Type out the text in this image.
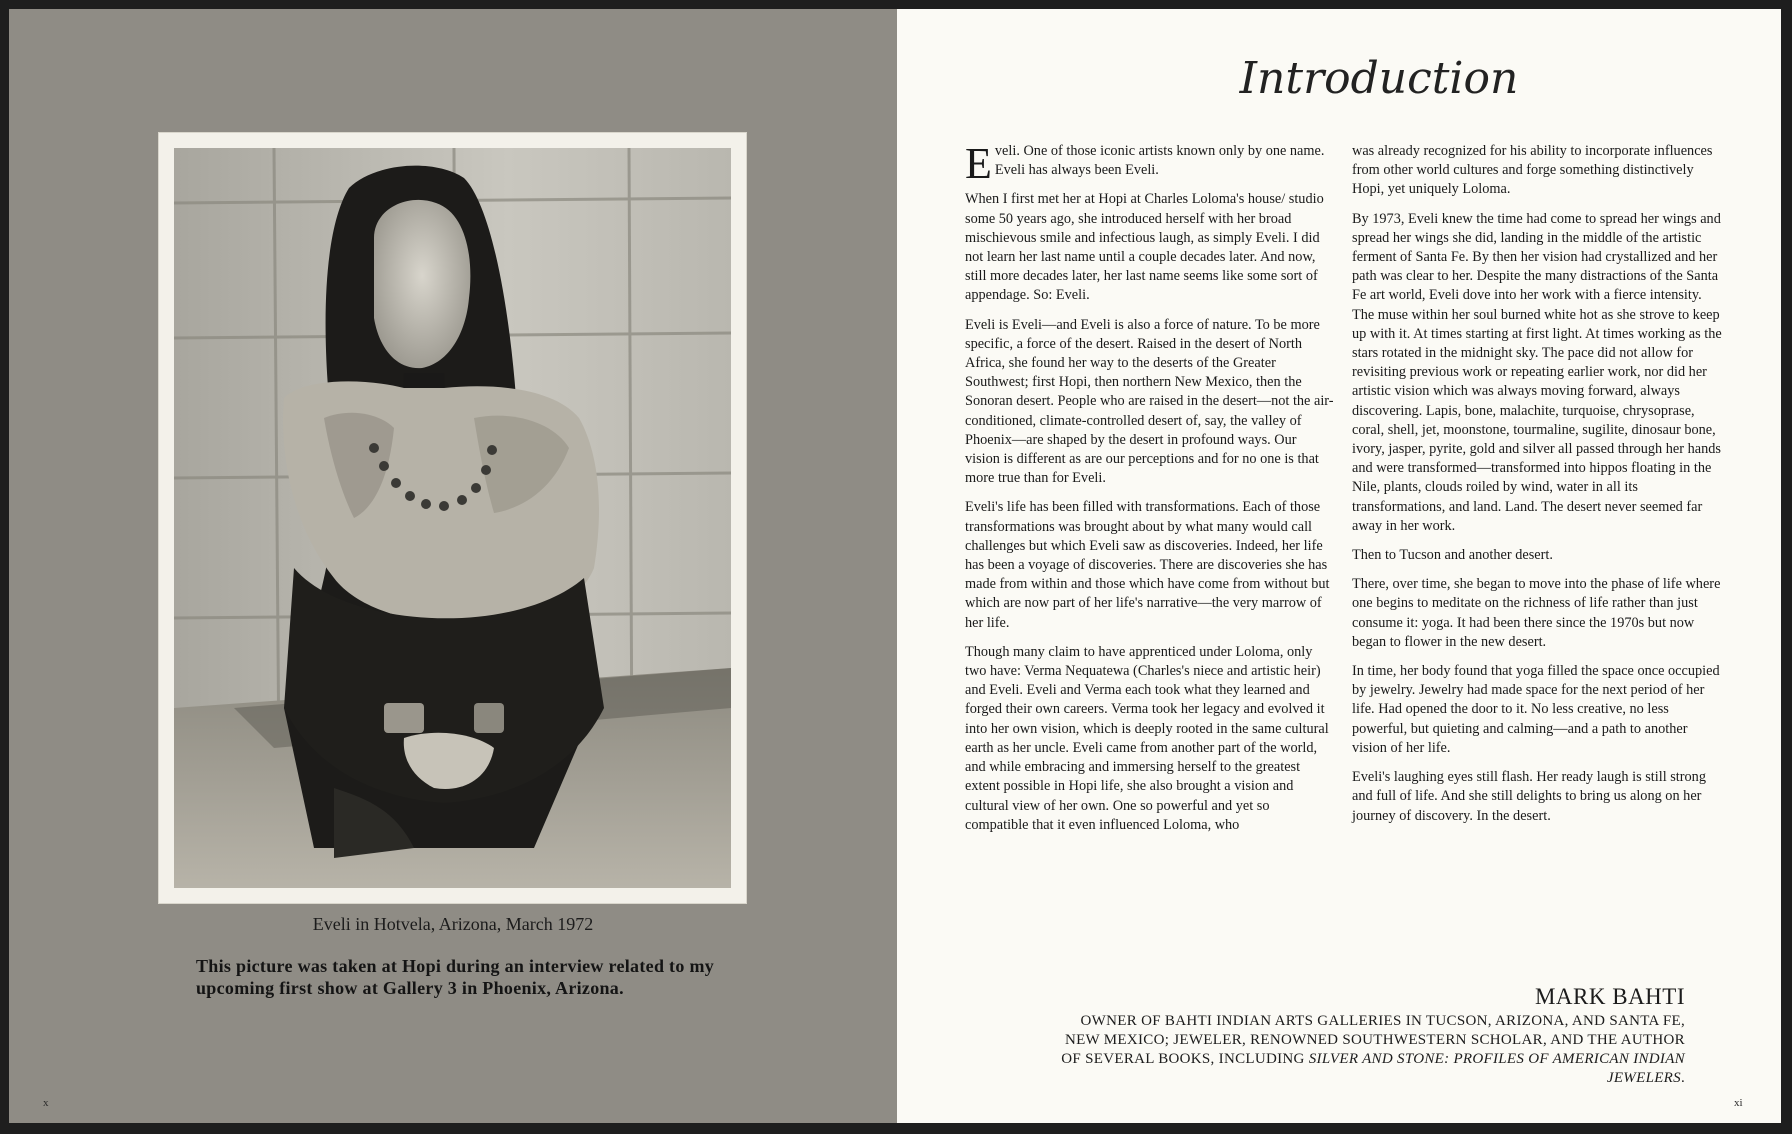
Eveli in Hotvela, Arizona, March 1972
This picture was taken at Hopi during an interview related to my upcoming first show at Gallery 3 in Phoenix, Arizona.
x
Introduction

Eveli. One of those iconic artists known only by one name. Eveli has always been Eveli.

When I first met her at Hopi at Charles Loloma's house/ studio some 50 years ago, she introduced herself with her broad mischievous smile and infectious laugh, as simply Eveli. I did not learn her last name until a couple decades later. And now, still more decades later, her last name seems like some sort of appendage. So: Eveli.

Eveli is Eveli—and Eveli is also a force of nature. To be more specific, a force of the desert. Raised in the desert of North Africa, she found her way to the deserts of the Greater Southwest; first Hopi, then northern New Mexico, then the Sonoran desert. People who are raised in the desert—not the air-conditioned, climate-controlled desert of, say, the valley of Phoenix—are shaped by the desert in profound ways. Our vision is different as are our perceptions and for no one is that more true than for Eveli.

Eveli's life has been filled with transformations. Each of those transformations was brought about by what many would call challenges but which Eveli saw as discoveries. Indeed, her life has been a voyage of discoveries. There are discoveries she has made from within and those which have come from without but which are now part of her life's narrative—the very marrow of her life.

Though many claim to have apprenticed under Loloma, only two have: Verma Nequatewa (Charles's niece and artistic heir) and Eveli. Eveli and Verma each took what they learned and forged their own careers. Verma took her legacy and evolved it into her own vision, which is deeply rooted in the same cultural earth as her uncle. Eveli came from another part of the world, and while embracing and immersing herself to the greatest extent possible in Hopi life, she also brought a vision and cultural view of her own. One so powerful and yet so compatible that it even influenced Loloma, who

was already recognized for his ability to incorporate influences from other world cultures and forge something distinctively Hopi, yet uniquely Loloma.

By 1973, Eveli knew the time had come to spread her wings and spread her wings she did, landing in the middle of the artistic ferment of Santa Fe. By then her vision had crystallized and her path was clear to her. Despite the many distractions of the Santa Fe art world, Eveli dove into her work with a fierce intensity. The muse within her soul burned white hot as she strove to keep up with it. At times starting at first light. At times working as the stars rotated in the midnight sky. The pace did not allow for revisiting previous work or repeating earlier work, nor did her artistic vision which was always moving forward, always discovering. Lapis, bone, malachite, turquoise, chrysoprase, coral, shell, jet, moonstone, tourmaline, sugilite, dinosaur bone, ivory, jasper, pyrite, gold and silver all passed through her hands and were transformed—transformed into hippos floating in the Nile, plants, clouds roiled by wind, water in all its transformations, and land. Land. The desert never seemed far away in her work.

Then to Tucson and another desert.

There, over time, she began to move into the phase of life where one begins to meditate on the richness of life rather than just consume it: yoga. It had been there since the 1970s but now began to flower in the new desert.

In time, her body found that yoga filled the space once occupied by jewelry. Jewelry had made space for the next period of her life. Had opened the door to it. No less creative, no less powerful, but quieting and calming—and a path to another vision of her life.

Eveli's laughing eyes still flash. Her ready laugh is still strong and full of life. And she still delights to bring us along on her journey of discovery. In the desert.

MARK BAHTI
OWNER OF BAHTI INDIAN ARTS GALLERIES IN TUCSON, ARIZONA, AND SANTA FE, NEW MEXICO; JEWELER, RENOWNED SOUTHWESTERN SCHOLAR, AND THE AUTHOR OF SEVERAL BOOKS, INCLUDING SILVER AND STONE: PROFILES OF AMERICAN INDIAN JEWELERS.
xi
